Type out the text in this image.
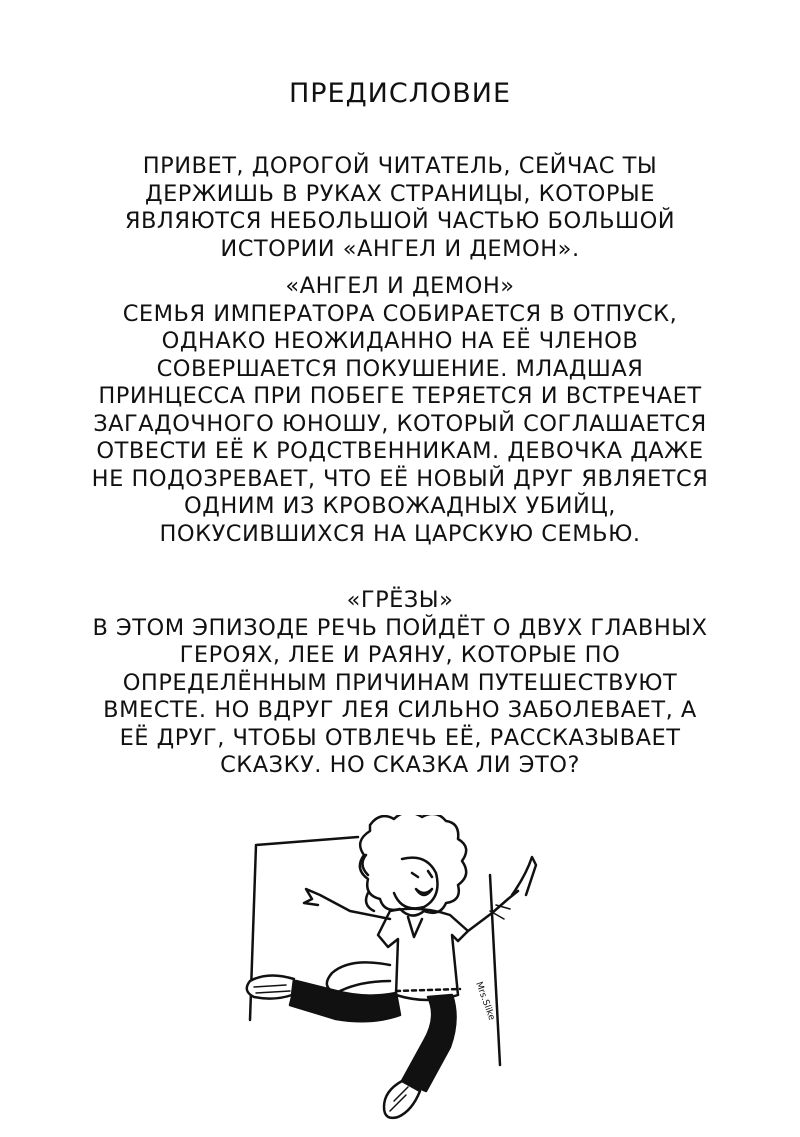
ПРЕДИСЛОВИЕ

ПРИВЕТ, ДОРОГОЙ ЧИТАТЕЛЬ, СЕЙЧАС ТЫ ДЕРЖИШЬ В РУКАХ СТРАНИЦЫ, КОТОРЫЕ ЯВЛЯЮТСЯ НЕБОЛЬШОЙ ЧАСТЬЮ БОЛЬШОЙ ИСТОРИИ «АНГЕЛ И ДЕМОН».

«АНГЕЛ И ДЕМОН»

СЕМЬЯ ИМПЕРАТОРА СОБИРАЕТСЯ В ОТПУСК, ОДНАКО НЕОЖИДАННО НА ЕЁ ЧЛЕНОВ СОВЕРШАЕТСЯ ПОКУШЕНИЕ. МЛАДШАЯ ПРИНЦЕССА ПРИ ПОБЕГЕ ТЕРЯЕТСЯ И ВСТРЕЧАЕТ ЗАГАДОЧНОГО ЮНОШУ, КОТОРЫЙ СОГЛАШАЕТСЯ ОТВЕСТИ ЕЁ К РОДСТВЕННИКАМ. ДЕВОЧКА ДАЖЕ НЕ ПОДОЗРЕВАЕТ, ЧТО ЕЁ НОВЫЙ ДРУГ ЯВЛЯЕТСЯ ОДНИМ ИЗ КРОВОЖАДНЫХ УБИЙЦ, ПОКУСИВШИХСЯ НА ЦАРСКУЮ СЕМЬЮ.

«ГРЁЗЫ»

В ЭТОМ ЭПИЗОДЕ РЕЧЬ ПОЙДЁТ О ДВУХ ГЛАВНЫХ ГЕРОЯХ, ЛЕЕ И РАЯНУ, КОТОРЫЕ ПО ОПРЕДЕЛЁННЫМ ПРИЧИНАМ ПУТЕШЕСТВУЮТ ВМЕСТЕ. НО ВДРУГ ЛЕЯ СИЛЬНО ЗАБОЛЕВАЕТ, А ЕЁ ДРУГ, ЧТОБЫ ОТВЛЕЧЬ ЕЁ, РАССКАЗЫВАЕТ СКАЗКУ. НО СКАЗКА ЛИ ЭТО?

Mrs.Slike
